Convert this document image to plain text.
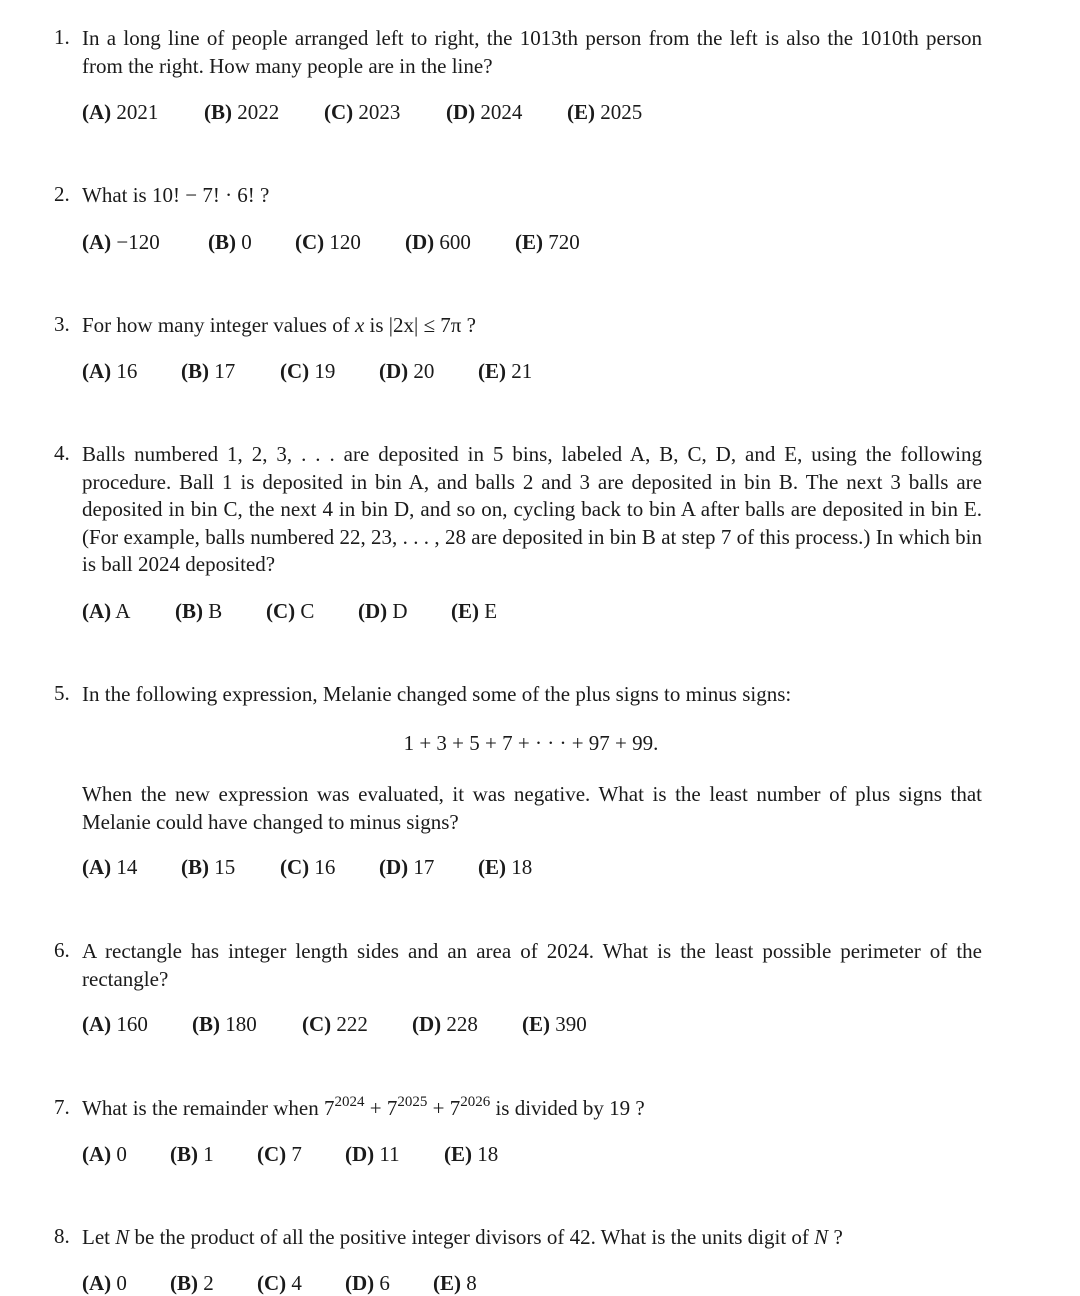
1. In a long line of people arranged left to right, the 1013th person from the left is also the 1010th person from the right. How many people are in the line?
(A) 2021 (B) 2022 (C) 2023 (D) 2024 (E) 2025
2. What is 10! − 7! · 6! ?
(A) −120 (B) 0 (C) 120 (D) 600 (E) 720
3. For how many integer values of x is |2x| ≤ 7π ?
(A) 16 (B) 17 (C) 19 (D) 20 (E) 21
4. Balls numbered 1, 2, 3, . . . are deposited in 5 bins, labeled A, B, C, D, and E, using the following procedure. Ball 1 is deposited in bin A, and balls 2 and 3 are deposited in bin B. The next 3 balls are deposited in bin C, the next 4 in bin D, and so on, cycling back to bin A after balls are deposited in bin E. (For example, balls numbered 22, 23, . . . , 28 are deposited in bin B at step 7 of this process.) In which bin is ball 2024 deposited?
(A) A (B) B (C) C (D) D (E) E
5. In the following expression, Melanie changed some of the plus signs to minus signs:
1 + 3 + 5 + 7 + · · · + 97 + 99.
When the new expression was evaluated, it was negative. What is the least number of plus signs that Melanie could have changed to minus signs?
(A) 14 (B) 15 (C) 16 (D) 17 (E) 18
6. A rectangle has integer length sides and an area of 2024. What is the least possible perimeter of the rectangle?
(A) 160 (B) 180 (C) 222 (D) 228 (E) 390
7. What is the remainder when $7^{2024} + 7^{2025} + 7^{2026}$ is divided by 19 ?
(A) 0 (B) 1 (C) 7 (D) 11 (E) 18
8. Let N be the product of all the positive integer divisors of 42. What is the units digit of N ?
(A) 0 (B) 2 (C) 4 (D) 6 (E) 8
